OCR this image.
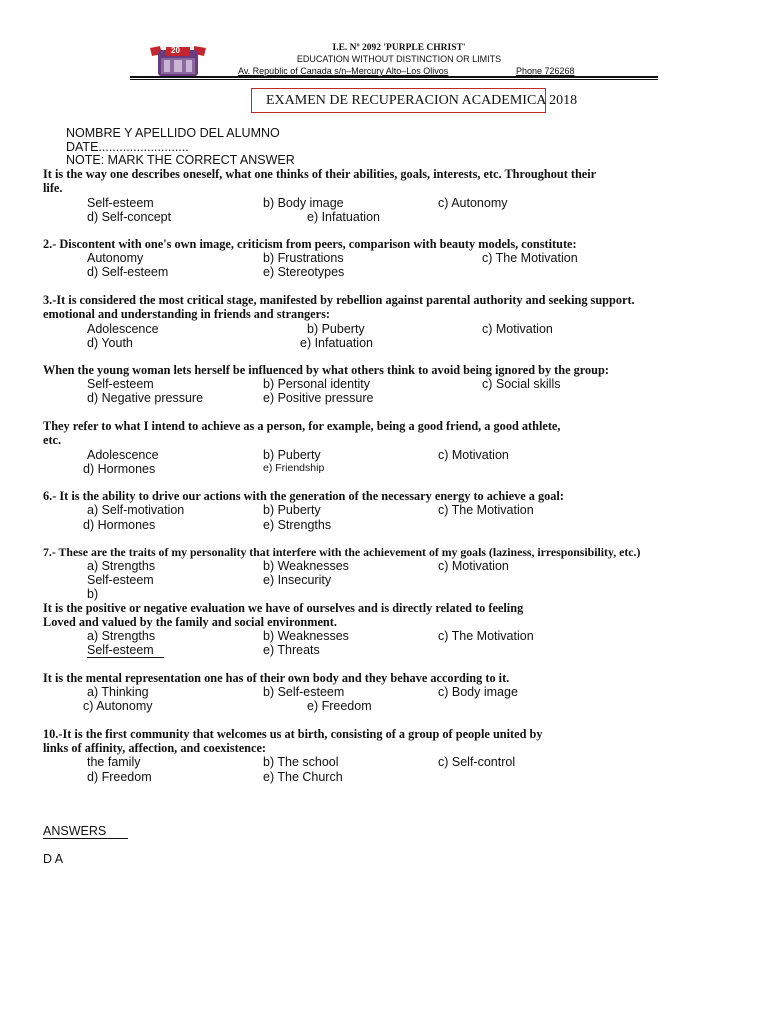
20	I.E. Nº 2092 'PURPLE CHRIST'
EDUCATION WITHOUT DISTINCTION OR LIMITS
Av. Republic of Canada s/n–Mercury Alto–Los Olivos	Phone 726268
EXAMEN DE RECUPERACION ACADEMICA 2018
NOMBRE Y APELLIDO DEL ALUMNO
DATE..........................
NOTE: MARK THE CORRECT ANSWER
It is the way one describes oneself, what one thinks of their abilities, goals, interests, etc. Throughout their
life.
Self-esteem	b) Body image	c) Autonomy
d) Self-concept	e) Infatuation
2.- Discontent with one's own image, criticism from peers, comparison with beauty models, constitute:
Autonomy	b) Frustrations	c) The Motivation
d) Self-esteem	e) Stereotypes
3.-It is considered the most critical stage, manifested by rebellion against parental authority and seeking support.
emotional and understanding in friends and strangers:
Adolescence	b) Puberty	c) Motivation
d) Youth	e) Infatuation
When the young woman lets herself be influenced by what others think to avoid being ignored by the group:
Self-esteem	b) Personal identity	c) Social skills
d) Negative pressure	e) Positive pressure
They refer to what I intend to achieve as a person, for example, being a good friend, a good athlete,
etc.
Adolescence	b) Puberty	c) Motivation
d) Hormones	e) Friendship
6.- It is the ability to drive our actions with the generation of the necessary energy to achieve a goal:
a) Self-motivation	b) Puberty	c) The Motivation
d) Hormones	e) Strengths
7.- These are the traits of my personality that interfere with the achievement of my goals (laziness, irresponsibility, etc.)
a) Strengths	b) Weaknesses	c) Motivation
Self-esteem	e) Insecurity
b)
It is the positive or negative evaluation we have of ourselves and is directly related to feeling
Loved and valued by the family and social environment.
a) Strengths	b) Weaknesses	c) The Motivation
Self-esteem	e) Threats
It is the mental representation one has of their own body and they behave according to it.
a) Thinking	b) Self-esteem	c) Body image
c) Autonomy	e) Freedom
10.-It is the first community that welcomes us at birth, consisting of a group of people united by
links of affinity, affection, and coexistence:
the family	b) The school	c) Self-control
d) Freedom	e) The Church
ANSWERS
D A
